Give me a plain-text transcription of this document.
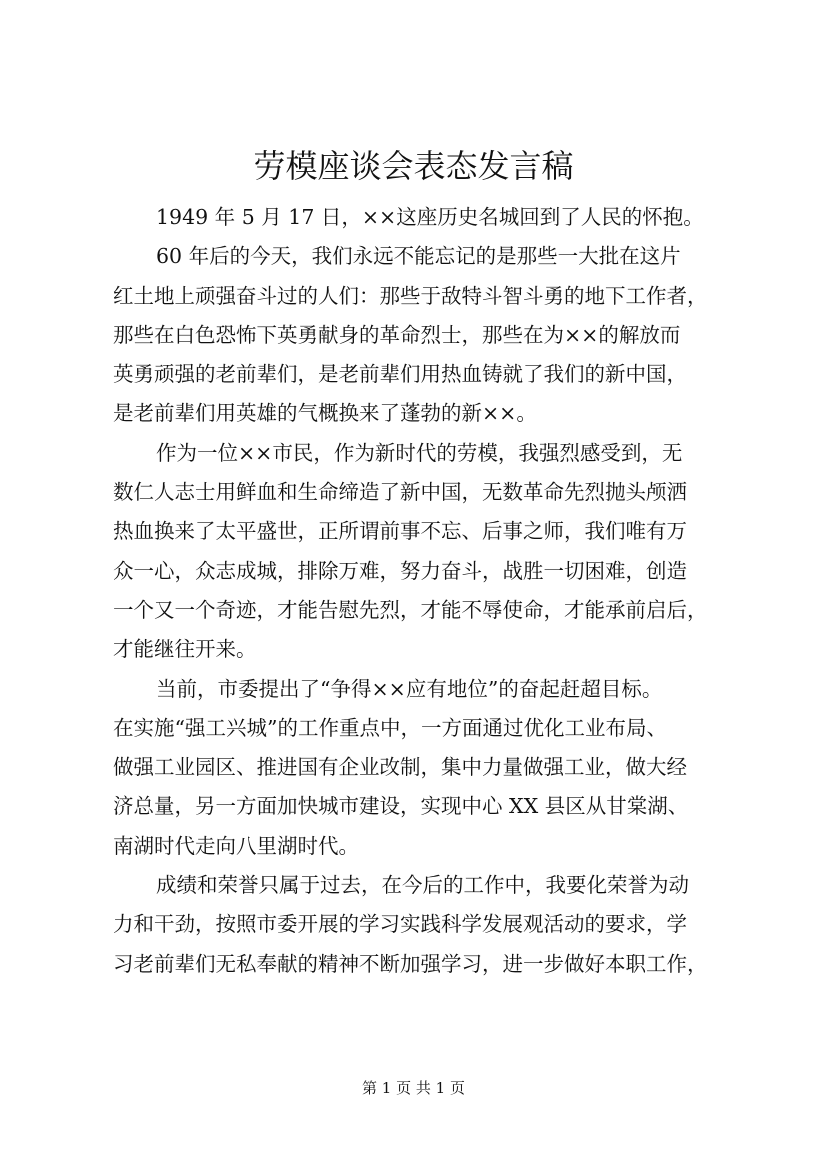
劳模座谈会表态发言稿
1949 年 5 月 17 日，××这座历史名城回到了人民的怀抱。
60 年后的今天，我们永远不能忘记的是那些一大批在这片
红土地上顽强奋斗过的人们：那些于敌特斗智斗勇的地下工作者，
那些在白色恐怖下英勇献身的革命烈士，那些在为××的解放而
英勇顽强的老前辈们，是老前辈们用热血铸就了我们的新中国，
是老前辈们用英雄的气概换来了蓬勃的新××。
作为一位××市民，作为新时代的劳模，我强烈感受到，无
数仁人志士用鲜血和生命缔造了新中国，无数革命先烈抛头颅洒
热血换来了太平盛世，正所谓前事不忘、后事之师，我们唯有万
众一心，众志成城，排除万难，努力奋斗，战胜一切困难，创造
一个又一个奇迹，才能告慰先烈，才能不辱使命，才能承前启后，
才能继往开来。
当前，市委提出了“争得××应有地位”的奋起赶超目标。
在实施“强工兴城”的工作重点中，一方面通过优化工业布局、
做强工业园区、推进国有企业改制，集中力量做强工业，做大经
济总量，另一方面加快城市建设，实现中心 XX 县区从甘棠湖、
南湖时代走向八里湖时代。
成绩和荣誉只属于过去，在今后的工作中，我要化荣誉为动
力和干劲，按照市委开展的学习实践科学发展观活动的要求，学
习老前辈们无私奉献的精神不断加强学习，进一步做好本职工作，
第 1 页 共 1 页
